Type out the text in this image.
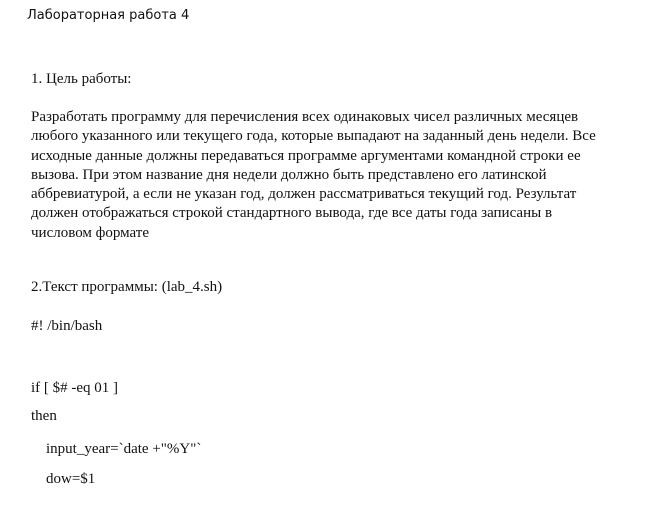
Лабораторная работа 4
1. Цель работы:
Разработать программу для перечисления всех одинаковых чисел различных месяцев
любого указанного или текущего года, которые выпадают на заданный день недели. Все
исходные данные должны передаваться программе аргументами командной строки ее
вызова. При этом название дня недели должно быть представлено его латинской
аббревиатурой, а если не указан год, должен рассматриваться текущий год. Результат
должен отображаться строкой стандартного вывода, где все даты года записаны в
числовом формате
2.Текст программы: (lab_4.sh)
#! /bin/bash
if [ $# -eq 01 ]
then
input_year=`date +"%Y"`
dow=$1
